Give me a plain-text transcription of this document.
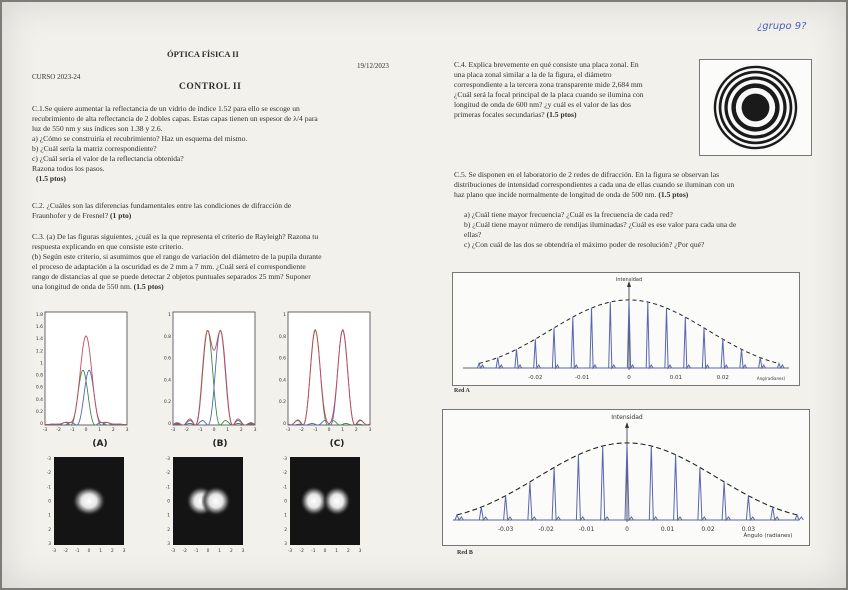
ÓPTICA FÍSICA II
19/12/2023
CURSO 2023-24
CONTROL II
¿grupo 9?
C.1.Se quiere aumentar la reflectancia de un vidrio de índice 1.52 para ello se escoge un
recubrimiento de alta reflectancia de 2 dobles capas. Estas capas tienen un espesor de λ/4 para
luz de 550 nm y sus índices son 1.38 y 2.6.
a) ¿Cómo se construiría el recubrimiento? Haz un esquema del mismo.
b) ¿Cuál sería la matriz correspondiente?
c) ¿Cuál sería el valor de la reflectancia obtenida?
Razona todos los pasos.
(1.5 ptos)
C.2. ¿Cuáles son las diferencias fundamentales entre las condiciones de difracción de
Fraunhofer y de Fresnel? (1 pto)
C.3. (a) De las figuras siguientes, ¿cuál es la que representa el criterio de Rayleigh? Razona tu
respuesta explicando en que consiste este criterio.
(b) Según este criterio, si asumimos que el rango de variación del diámetro de la pupila durante
el proceso de adaptación a la oscuridad es de 2 mm a 7 mm. ¿Cuál será el correspondiente
rango de distancias al que se puede detectar 2 objetos puntuales separados 25 mm? Suponer
una longitud de onda de 550 nm. (1.5 ptos)
1.8
1.6
1.4
1.2
1
0.8
0.6
0.4
0.2
0
-3 -2 -1 0 1 2 3
(A)
1
0.8
0.6
0.4
0.2
0
-3 -2 -1 0 1 2 3
(B)
1
0.8
0.6
0.4
0.2
0
-3 -2 -1 0 1 2 3
(C)
-3
-3
-2
-2
-1
-1
0
0
1
1
2
2
3
3
-3
-3
-2
-2
-1
-1
0
0
1
1
2
2
3
3
-3
-3
-2
-2
-1
-1
0
0
1
1
2
2
3
3
C.4. Explica brevemente en qué consiste una placa zonal. En
una placa zonal similar a la de la figura, el diámetro
correspondiente a la tercera zona transparente mide 2,684 mm
¿Cuál será la focal principal de la placa cuando se ilumina con
longitud de onda de 600 nm? ¿y cuál es el valor de las dos
primeras focales secundarias? (1.5 ptos)
C.5. Se disponen en el laboratorio de 2 redes de difracción. En la figura se observan las
distribuciones de intensidad correspondientes a cada una de ellas cuando se iluminan con un
haz plano que incide normalmente de longitud de onda de 500 nm. (1.5 ptos)
a) ¿Cuál tiene mayor frecuencia? ¿Cuál es la frecuencia de cada red?
b) ¿Cuál tiene mayor número de rendijas iluminadas? ¿Cuál es ese valor para cada una de
ellas?
c) ¿Con cuál de las dos se obtendría el máximo poder de resolución? ¿Por qué?
Intensidad
-0.02	-0.01	0	0.01	0.02	Ang(radianes)
Red A
Intensidad
-0.03	-0.02	-0.01	0	0.01	0.02	0.03
Ángulo (radianes)
Red B
